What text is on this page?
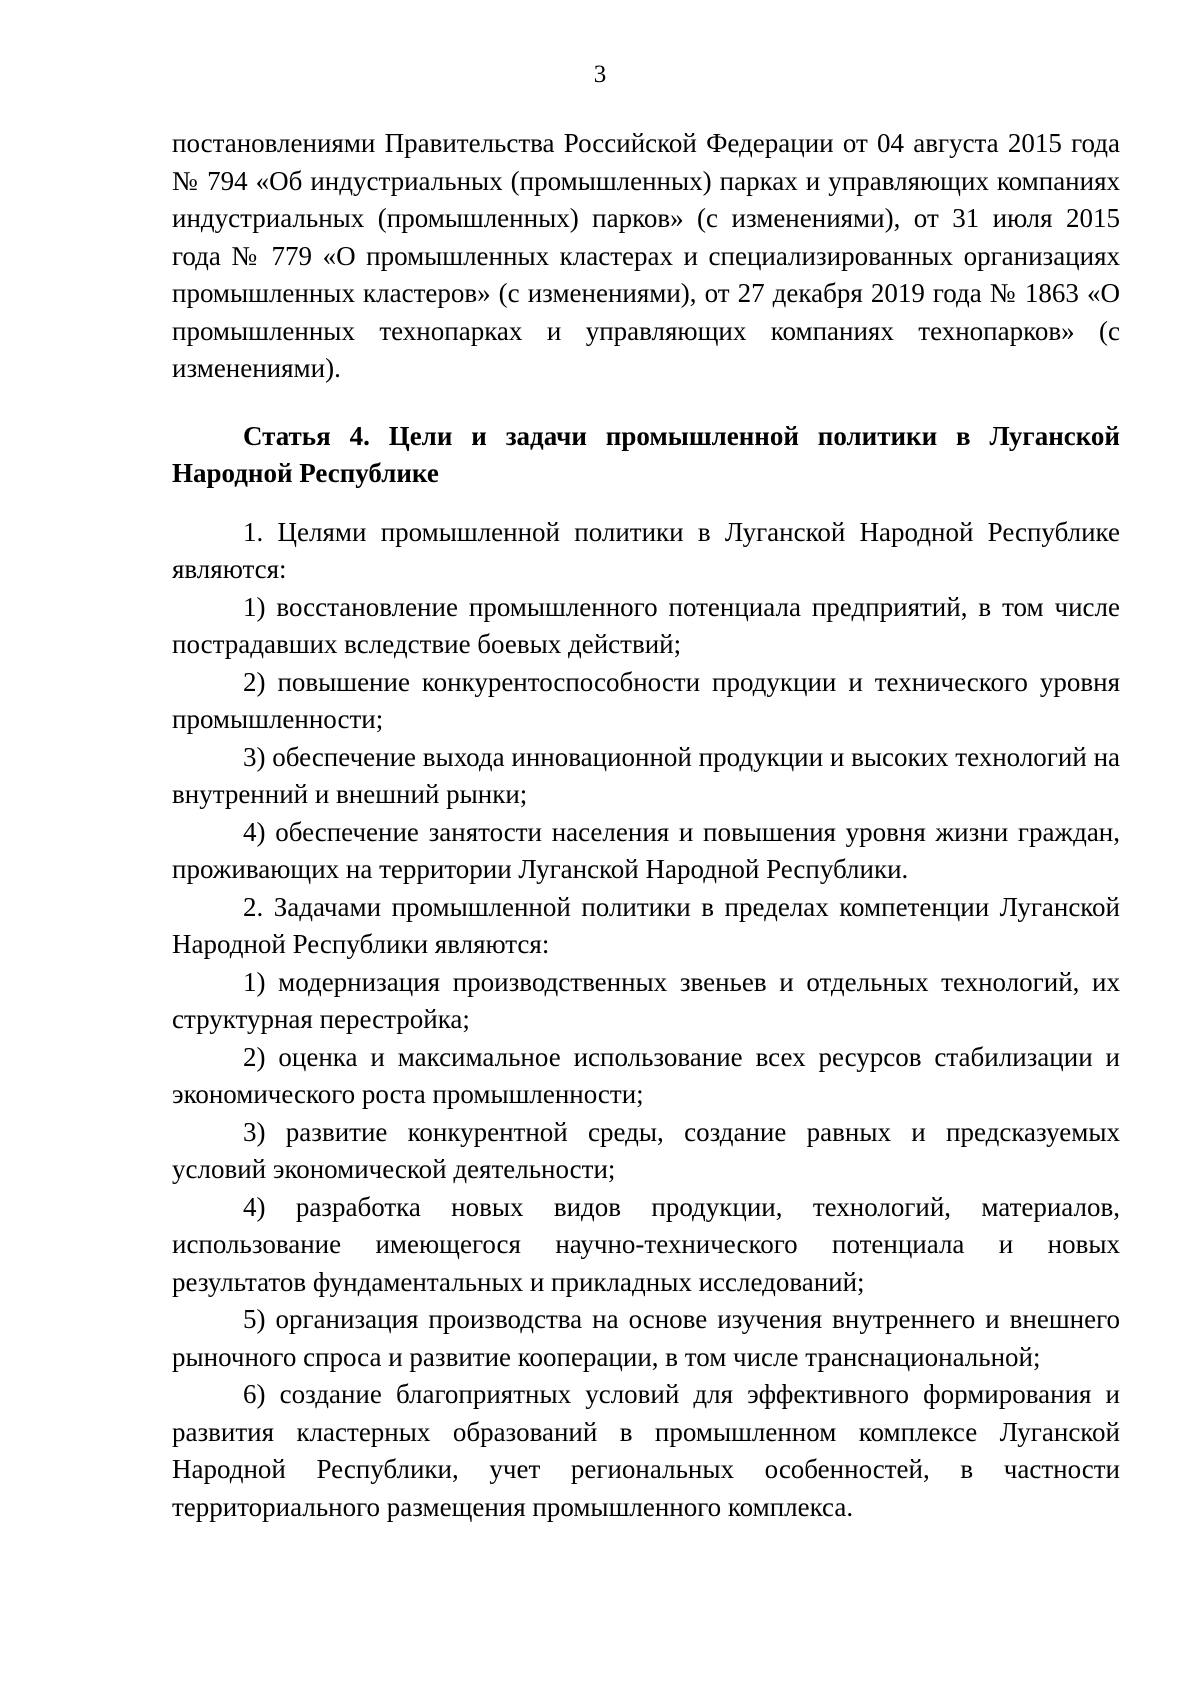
3

постановлениями Правительства Российской Федерации от 04 августа 2015 года № 794 «Об индустриальных (промышленных) парках и управляющих компаниях индустриальных (промышленных) парков» (с изменениями), от 31 июля 2015 года № 779 «О промышленных кластерах и специализированных организациях промышленных кластеров» (с изменениями), от 27 декабря 2019 года № 1863 «О промышленных технопарках и управляющих компаниях технопарков» (с изменениями).

Статья 4. Цели и задачи промышленной политики в Луганской Народной Республике

1. Целями промышленной политики в Луганской Народной Республике являются:

1) восстановление промышленного потенциала предприятий, в том числе пострадавших вследствие боевых действий;

2) повышение конкурентоспособности продукции и технического уровня промышленности;

3) обеспечение выхода инновационной продукции и высоких технологий на внутренний и внешний рынки;

4) обеспечение занятости населения и повышения уровня жизни граждан, проживающих на территории Луганской Народной Республики.

2. Задачами промышленной политики в пределах компетенции Луганской Народной Республики являются:

1) модернизация производственных звеньев и отдельных технологий, их структурная перестройка;

2) оценка и максимальное использование всех ресурсов стабилизации и экономического роста промышленности;

3) развитие конкурентной среды, создание равных и предсказуемых условий экономической деятельности;

4) разработка новых видов продукции, технологий, материалов, использование имеющегося научно-технического потенциала и новых результатов фундаментальных и прикладных исследований;

5) организация производства на основе изучения внутреннего и внешнего рыночного спроса и развитие кооперации, в том числе транснациональной;

6) создание благоприятных условий для эффективного формирования и развития кластерных образований в промышленном комплексе Луганской Народной Республики, учет региональных особенностей, в частности территориального размещения промышленного комплекса.
